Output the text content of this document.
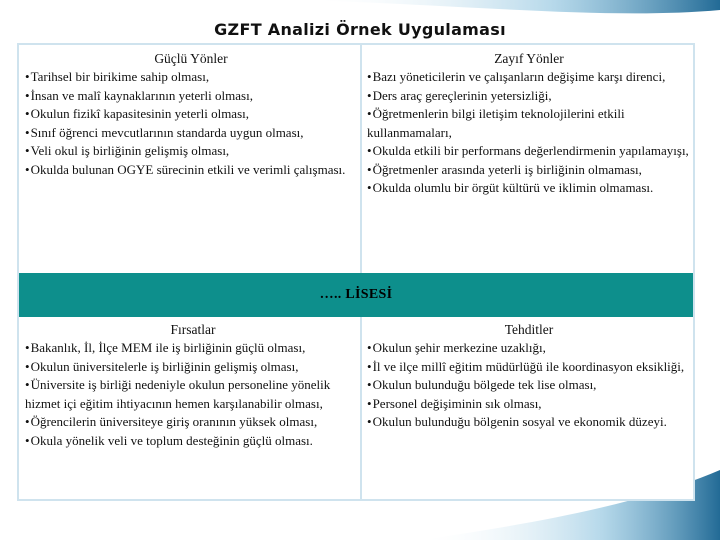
GZFT Analizi Örnek Uygulaması
Güçlü Yönler
• Tarihsel bir birikime sahip olması,
• İnsan ve malî kaynaklarının yeterli olması,
• Okulun fizikî kapasitesinin yeterli olması,
• Sınıf öğrenci mevcutlarının standarda uygun olması,
• Veli okul iş birliğinin gelişmiş olması,
• Okulda bulunan OGYE sürecinin etkili ve verimli çalışması.
Zayıf Yönler
• Bazı yöneticilerin ve çalışanların değişime karşı direnci,
• Ders araç gereçlerinin yetersizliği,
• Öğretmenlerin bilgi iletişim teknolojilerini etkili kullanmamaları,
• Okulda etkili bir performans değerlendirmenin yapılamayışı,
• Öğretmenler arasında yeterli iş birliğinin olmaması,
• Okulda olumlu bir örgüt kültürü ve iklimin olmaması.
….. LİSESİ
Fırsatlar
• Bakanlık, İl, İlçe MEM ile iş birliğinin güçlü olması,
• Okulun üniversitelerle iş birliğinin gelişmiş olması,
• Üniversite iş birliği nedeniyle okulun personeline yönelik hizmet içi eğitim ihtiyacının hemen karşılanabilir olması,
• Öğrencilerin üniversiteye giriş oranının yüksek olması,
• Okula yönelik veli ve toplum desteğinin güçlü olması.
Tehditler
• Okulun şehir merkezine uzaklığı,
• İl ve ilçe millî eğitim müdürlüğü ile koordinasyon eksikliği,
• Okulun bulunduğu bölgede tek lise olması,
• Personel değişiminin sık olması,
• Okulun bulunduğu bölgenin sosyal ve ekonomik düzeyi.
